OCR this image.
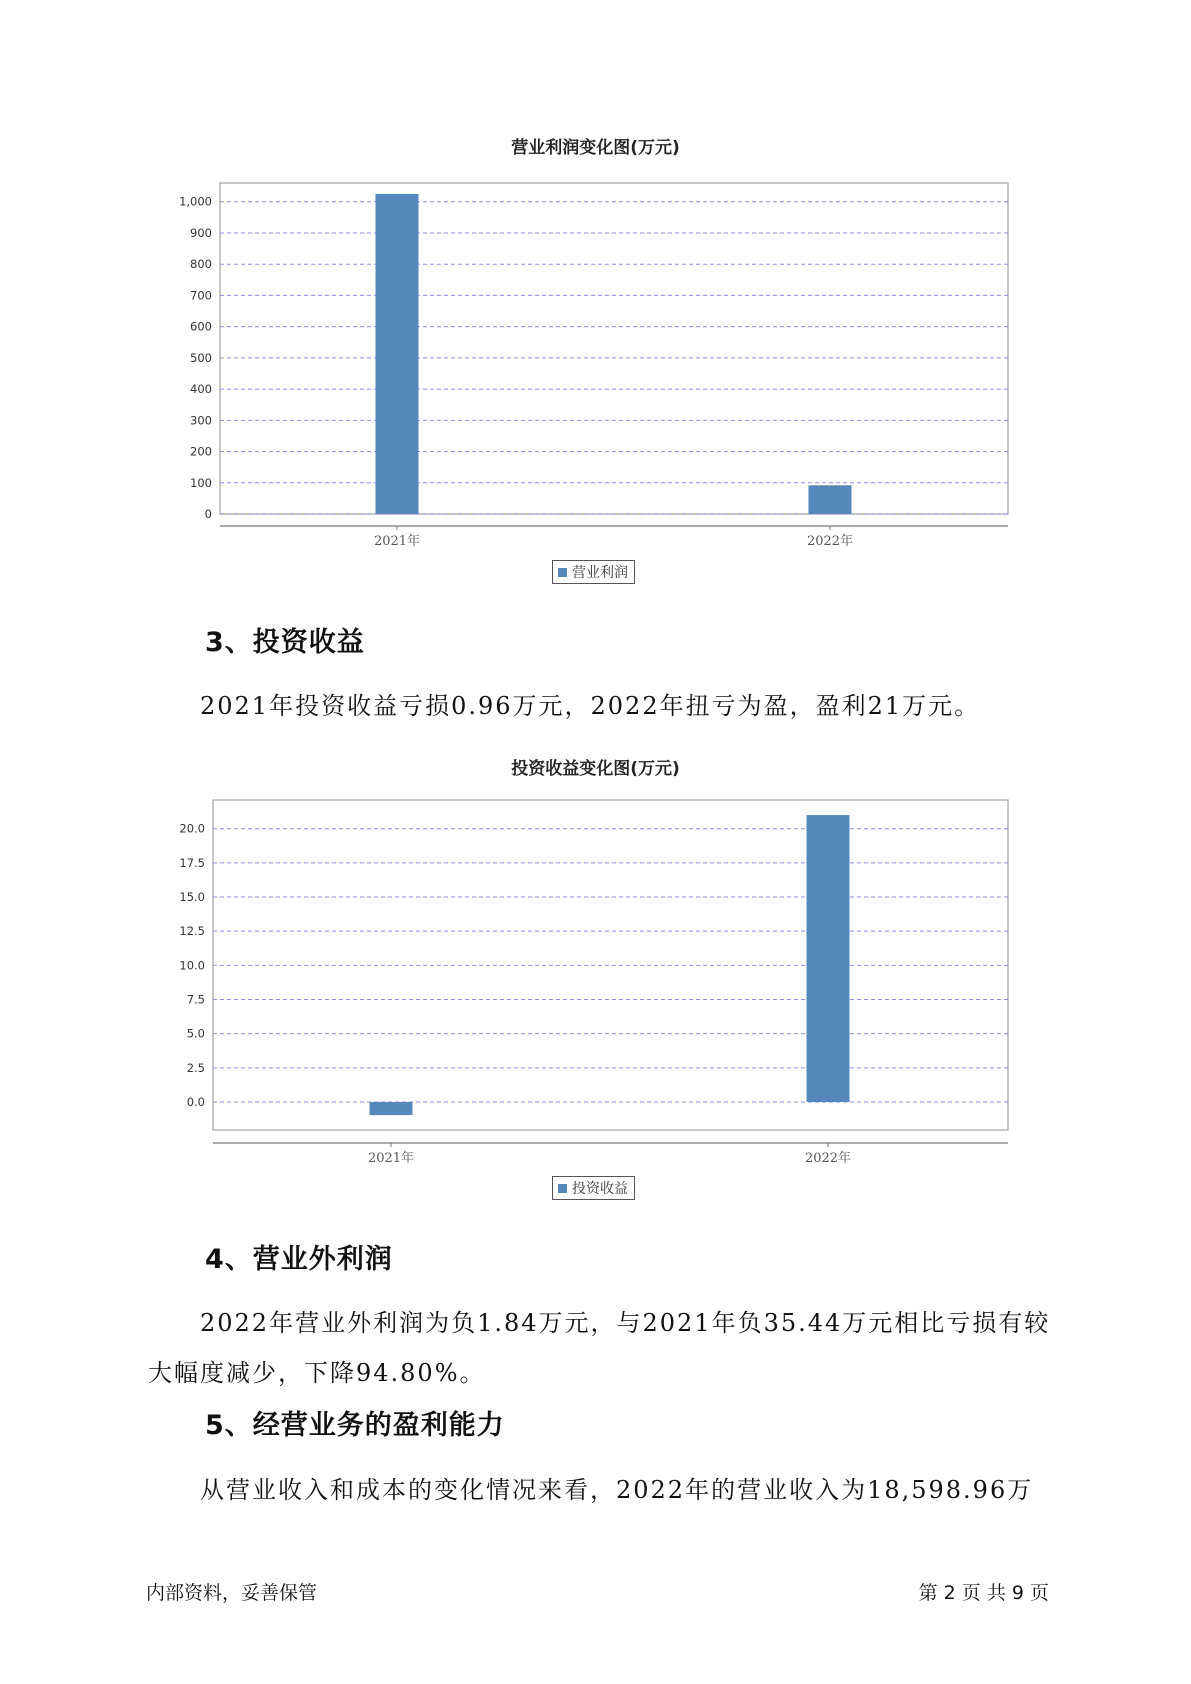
营业利润变化图(万元)
0
100
200
300
400
500
600
700
800
900
1,000
2021年	2022年
营业利润
3、投资收益
2021年投资收益亏损0.96万元，2022年扭亏为盈，盈利21万元。
投资收益变化图(万元)
0.0
2.5
5.0
7.5
10.0
12.5
15.0
17.5
20.0
2021年	2022年
投资收益
4、营业外利润
2022年营业外利润为负1.84万元，与2021年负35.44万元相比亏损有较
大幅度减少，下降94.80%。
5、经营业务的盈利能力
从营业收入和成本的变化情况来看，2022年的营业收入为18,598.96万
内部资料，妥善保管	第 2 页 共 9 页
